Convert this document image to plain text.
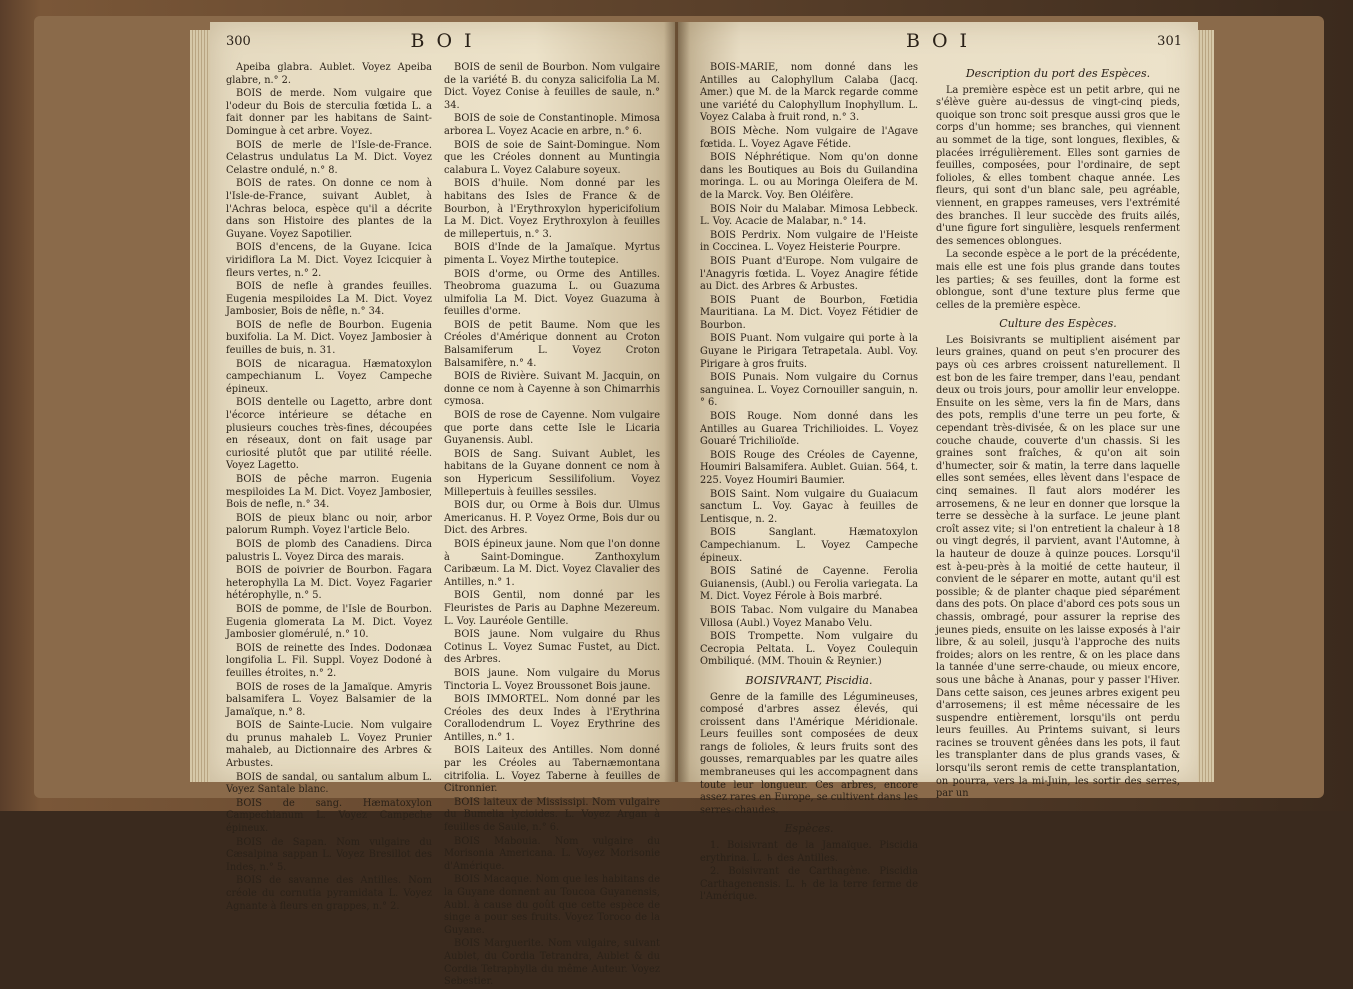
300	B O I

Apeiba glabra. Aublet. Voyez Apeiba glabre, n.° 2.

BOIS de merde. Nom vulgaire que l'odeur du Bois de sterculia fœtida L. a fait donner par les habitans de Saint-Domingue à cet arbre. Voyez.

BOIS de merle de l'Isle-de-France. Celastrus undulatus La M. Dict. Voyez Celastre ondulé, n.° 8.

BOIS de rates. On donne ce nom à l'Isle-de-France, suivant Aublet, à l'Achras beloca, espèce qu'il a décrite dans son Histoire des plantes de la Guyane. Voyez Sapotilier.

BOIS d'encens, de la Guyane. Icica viridiflora La M. Dict. Voyez Icicquier à fleurs vertes, n.° 2.

BOIS de nefle à grandes feuilles. Eugenia mespiloides La M. Dict. Voyez Jambosier, Bois de nêfle, n.° 34.

BOIS de nefle de Bourbon. Eugenia buxifolia. La M. Dict. Voyez Jambosier à feuilles de buis, n. 31.

BOIS de nicaragua. Hæmatoxylon campechianum L. Voyez Campeche épineux.

BOIS dentelle ou Lagetto, arbre dont l'écorce intérieure se détache en plusieurs couches très-fines, découpées en réseaux, dont on fait usage par curiosité plutôt que par utilité réelle. Voyez Lagetto.

BOIS de pêche marron. Eugenia mespiloides La M. Dict. Voyez Jambosier, Bois de nefle, n.° 34.

BOIS de pieux blanc ou noir, arbor palorum Rumph. Voyez l'article Belo.

BOIS de plomb des Canadiens. Dirca palustris L. Voyez Dirca des marais.

BOIS de poivrier de Bourbon. Fagara heterophylla La M. Dict. Voyez Fagarier hétérophylle, n.° 5.

BOIS de pomme, de l'Isle de Bourbon. Eugenia glomerata La M. Dict. Voyez Jambosier glomérulé, n.° 10.

BOIS de reinette des Indes. Dodonæa longifolia L. Fil. Suppl. Voyez Dodoné à feuilles étroites, n.° 2.

BOIS de roses de la Jamaïque. Amyris balsamifera L. Voyez Balsamier de la Jamaïque, n.° 8.

BOIS de Sainte-Lucie. Nom vulgaire du prunus mahaleb L. Voyez Prunier mahaleb, au Dictionnaire des Arbres & Arbustes.

BOIS de sandal, ou santalum album L. Voyez Santale blanc.

BOIS de sang. Hæmatoxylon Campechianum L. Voyez Campeche épineux.

BOIS de Sapan. Nom vulgaire du Cæsalpina sappan L. Voyez Bresillot des Indes, n.° 5.

BOIS de savanne des Antilles. Nom créole du cornutia pyramidata L. Voyez Agnante à fleurs en grappes, n.° 2.

BOIS de senil de Bourbon. Nom vulgaire de la variété B. du conyza salicifolia La M. Dict. Voyez Conise à feuilles de saule, n.° 34.

BOIS de soie de Constantinople. Mimosa arborea L. Voyez Acacie en arbre, n.° 6.

BOIS de soie de Saint-Domingue. Nom que les Créoles donnent au Muntingia calabura L. Voyez Calabure soyeux.

BOIS d'huile. Nom donné par les habitans des Isles de France & de Bourbon, à l'Erythroxylon hypericifolium La M. Dict. Voyez Erythroxylon à feuilles de millepertuis, n.° 3.

BOIS d'Inde de la Jamaïque. Myrtus pimenta L. Voyez Mirthe toutepice.

BOIS d'orme, ou Orme des Antilles. Theobroma guazuma L. ou Guazuma ulmifolia La M. Dict. Voyez Guazuma à feuilles d'orme.

BOIS de petit Baume. Nom que les Créoles d'Amérique donnent au Croton Balsamiferum L. Voyez Croton Balsamifère, n.° 4.

BOIS de Rivière. Suivant M. Jacquin, on donne ce nom à Cayenne à son Chimarrhis cymosa.

BOIS de rose de Cayenne. Nom vulgaire que porte dans cette Isle le Licaria Guyanensis. Aubl.

BOIS de Sang. Suivant Aublet, les habitans de la Guyane donnent ce nom à son Hypericum Sessilifolium. Voyez Millepertuis à feuilles sessiles.

BOIS dur, ou Orme à Bois dur. Ulmus Americanus. H. P. Voyez Orme, Bois dur ou Dict. des Arbres.

BOIS épineux jaune. Nom que l'on donne à Saint-Domingue. Zanthoxylum Caribæum. La M. Dict. Voyez Clavalier des Antilles, n.° 1.

BOIS Gentil, nom donné par les Fleuristes de Paris au Daphne Mezereum. L. Voy. Lauréole Gentille.

BOIS jaune. Nom vulgaire du Rhus Cotinus L. Voyez Sumac Fustet, au Dict. des Arbres.

BOIS jaune. Nom vulgaire du Morus Tinctoria L. Voyez Broussonet Bois jaune.

BOIS IMMORTEL. Nom donné par les Créoles des deux Indes à l'Erythrina Corallodendrum L. Voyez Erythrine des Antilles, n.° 1.

BOIS Laiteux des Antilles. Nom donné par les Créoles au Tabernæmontana citrifolia. L. Voyez Taberne à feuilles de Citronnier.

BOIS laiteux de Mississipi. Nom vulgaire du Bumelia lycioides. L. Voyez Argan à feuilles de Saule, n.° 6.

BOIS Mabouia. Nom vulgaire du Morisonia Americana. L. Voyez Morisonie d'Amérique.

BOIS Macaque. Nom que les habitans de la Guyane donnent au Toucoa Guyanensis, Aubl. à cause du goût que cette espèce de singe a pour ses fruits. Voyez Toroco de la Guyane.

BOIS Marguerite. Nom vulgaire, suivant Aublet, du Cordia Tetrandra, Aublet & du Cordia Tetraphylla du même Auteur. Voyez Sebestier.

B O I	301

BOIS-MARIE, nom donné dans les Antilles au Calophyllum Calaba (Jacq. Amer.) que M. de la Marck regarde comme une variété du Calophyllum Inophyllum. L. Voyez Calaba à fruit rond, n.° 3.

BOIS Mèche. Nom vulgaire de l'Agave fœtida. L. Voyez Agave Fétide.

BOIS Néphrétique. Nom qu'on donne dans les Boutiques au Bois du Guilandina moringa. L. ou au Moringa Oleifera de M. de la Marck. Voy. Ben Oléifère.

BOIS Noir du Malabar. Mimosa Lebbeck. L. Voy. Acacie de Malabar, n.° 14.

BOIS Perdrix. Nom vulgaire de l'Heiste in Coccinea. L. Voyez Heisterie Pourpre.

BOIS Puant d'Europe. Nom vulgaire de l'Anagyris fœtida. L. Voyez Anagire fétide au Dict. des Arbres & Arbustes.

BOIS Puant de Bourbon, Fœtidia Mauritiana. La M. Dict. Voyez Fétidier de Bourbon.

BOIS Puant. Nom vulgaire qui porte à la Guyane le Pirigara Tetrapetala. Aubl. Voy. Pirigare à gros fruits.

BOIS Punais. Nom vulgaire du Cornus sanguinea. L. Voyez Cornouiller sanguin, n.° 6.

BOIS Rouge. Nom donné dans les Antilles au Guarea Trichilioides. L. Voyez Gouaré Trichilioïde.

BOIS Rouge des Créoles de Cayenne, Houmiri Balsamifera. Aublet. Guian. 564, t. 225. Voyez Houmiri Baumier.

BOIS Saint. Nom vulgaire du Guaiacum sanctum L. Voy. Gayac à feuilles de Lentisque, n. 2.

BOIS Sanglant. Hæmatoxylon Campechianum. L. Voyez Campeche épineux.

BOIS Satiné de Cayenne. Ferolia Guianensis, (Aubl.) ou Ferolia variegata. La M. Dict. Voyez Férole à Bois marbré.

BOIS Tabac. Nom vulgaire du Manabea Villosa (Aubl.) Voyez Manabo Velu.

BOIS Trompette. Nom vulgaire du Cecropia Peltata. L. Voyez Coulequin Ombiliqué. (MM. Thouin & Reynier.)

BOISIVRANT, Piscidia.

Genre de la famille des Légumineuses, composé d'arbres assez élevés, qui croissent dans l'Amérique Méridionale. Leurs feuilles sont composées de deux rangs de folioles, & leurs fruits sont des gousses, remarquables par les quatre ailes membraneuses qui les accompagnent dans toute leur longueur. Ces arbres, encore assez rares en Europe, se cultivent dans les serres-chaudes.

Espèces.

1. Boisivrant de la Jamaïque. Piscidia erythrina. L. ♄ des Antilles.

2. Boisivrant de Carthagène. Piscidia Carthagenensis. L. ♄ de la terre ferme de l'Amérique.

Description du port des Espèces.

La première espèce est un petit arbre, qui ne s'élève guère au-dessus de vingt-cinq pieds, quoique son tronc soit presque aussi gros que le corps d'un homme; ses branches, qui viennent au sommet de la tige, sont longues, flexibles, & placées irrégulièrement. Elles sont garnies de feuilles, composées, pour l'ordinaire, de sept folioles, & elles tombent chaque année. Les fleurs, qui sont d'un blanc sale, peu agréable, viennent, en grappes rameuses, vers l'extrémité des branches. Il leur succède des fruits ailés, d'une figure fort singulière, lesquels renferment des semences oblongues.

La seconde espèce a le port de la précédente, mais elle est une fois plus grande dans toutes les parties; & ses feuilles, dont la forme est oblongue, sont d'une texture plus ferme que celles de la première espèce.

Culture des Espèces.

Les Boisivrants se multiplient aisément par leurs graines, quand on peut s'en procurer des pays où ces arbres croissent naturellement. Il est bon de les faire tremper, dans l'eau, pendant deux ou trois jours, pour amollir leur enveloppe. Ensuite on les sème, vers la fin de Mars, dans des pots, remplis d'une terre un peu forte, & cependant très-divisée, & on les place sur une couche chaude, couverte d'un chassis. Si les graines sont fraîches, & qu'on ait soin d'humecter, soir & matin, la terre dans laquelle elles sont semées, elles lèvent dans l'espace de cinq semaines. Il faut alors modérer les arrosemens, & ne leur en donner que lorsque la terre se dessèche à la surface. Le jeune plant croît assez vite; si l'on entretient la chaleur à 18 ou vingt degrés, il parvient, avant l'Automne, à la hauteur de douze à quinze pouces. Lorsqu'il est à-peu-près à la moitié de cette hauteur, il convient de le séparer en motte, autant qu'il est possible; & de planter chaque pied séparément dans des pots. On place d'abord ces pots sous un chassis, ombragé, pour assurer la reprise des jeunes pieds, ensuite on les laisse exposés à l'air libre, & au soleil, jusqu'à l'approche des nuits froides; alors on les rentre, & on les place dans la tannée d'une serre-chaude, ou mieux encore, sous une bâche à Ananas, pour y passer l'Hiver. Dans cette saison, ces jeunes arbres exigent peu d'arrosemens; il est même nécessaire de les suspendre entièrement, lorsqu'ils ont perdu leurs feuilles. Au Printems suivant, si leurs racines se trouvent gênées dans les pots, il faut les transplanter dans de plus grands vases, & lorsqu'ils seront remis de cette transplantation, on pourra, vers la mi-Juin, les sortir des serres, par un
